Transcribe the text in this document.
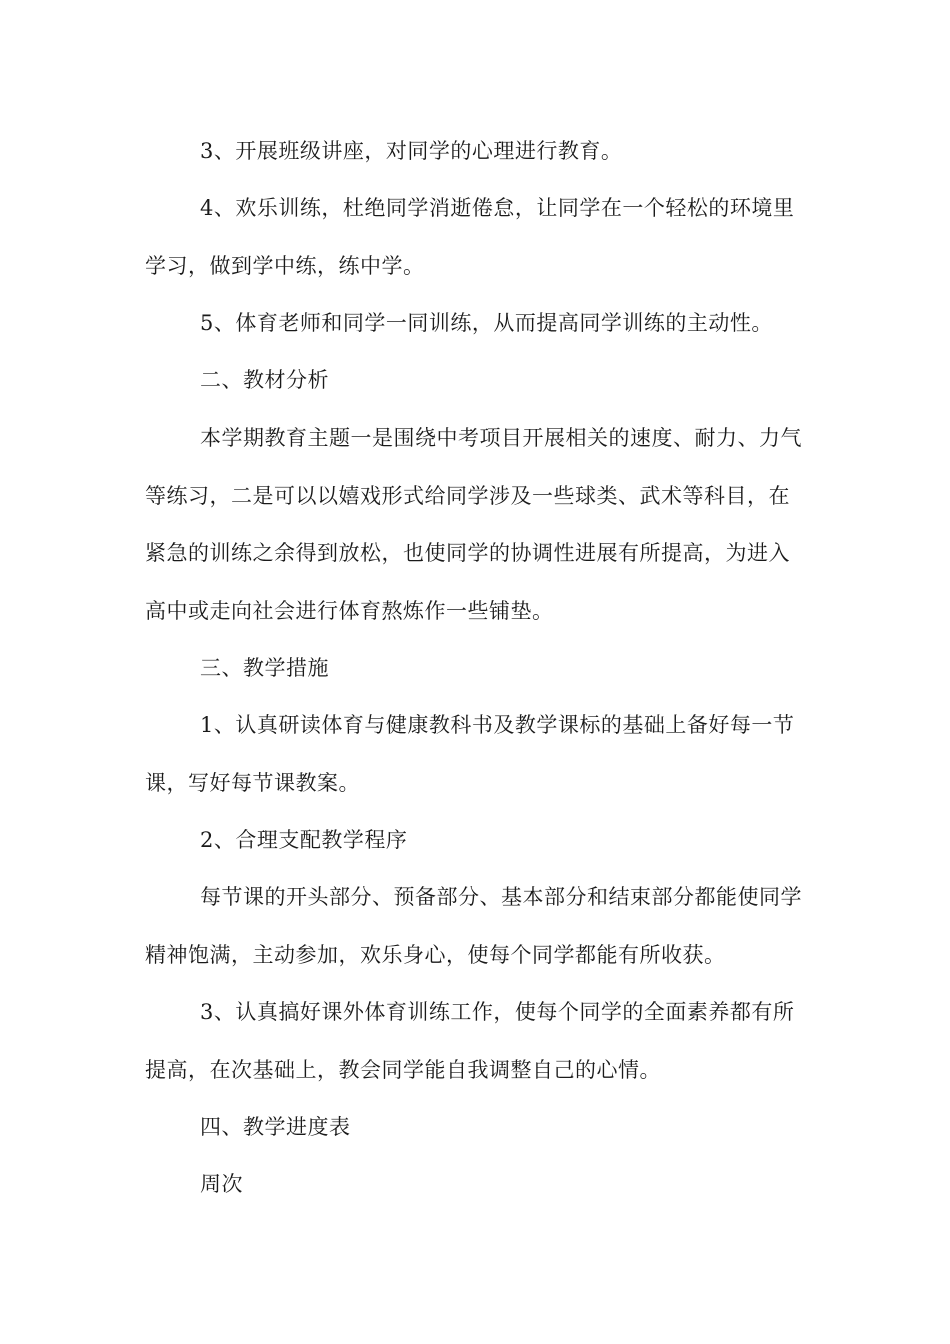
3、开展班级讲座，对同学的心理进行教育。

4、欢乐训练，杜绝同学消逝倦怠，让同学在一个轻松的环境里学习，做到学中练，练中学。

5、体育老师和同学一同训练，从而提高同学训练的主动性。

二、教材分析

本学期教育主题一是围绕中考项目开展相关的速度、耐力、力气等练习，二是可以以嬉戏形式给同学涉及一些球类、武术等科目，在紧急的训练之余得到放松，也使同学的协调性进展有所提高，为进入高中或走向社会进行体育熬炼作一些铺垫。

三、教学措施

1、认真研读体育与健康教科书及教学课标的基础上备好每一节课，写好每节课教案。

2、合理支配教学程序

每节课的开头部分、预备部分、基本部分和结束部分都能使同学精神饱满，主动参加，欢乐身心，使每个同学都能有所收获。

3、认真搞好课外体育训练工作，使每个同学的全面素养都有所提高，在次基础上，教会同学能自我调整自己的心情。

四、教学进度表

周次
